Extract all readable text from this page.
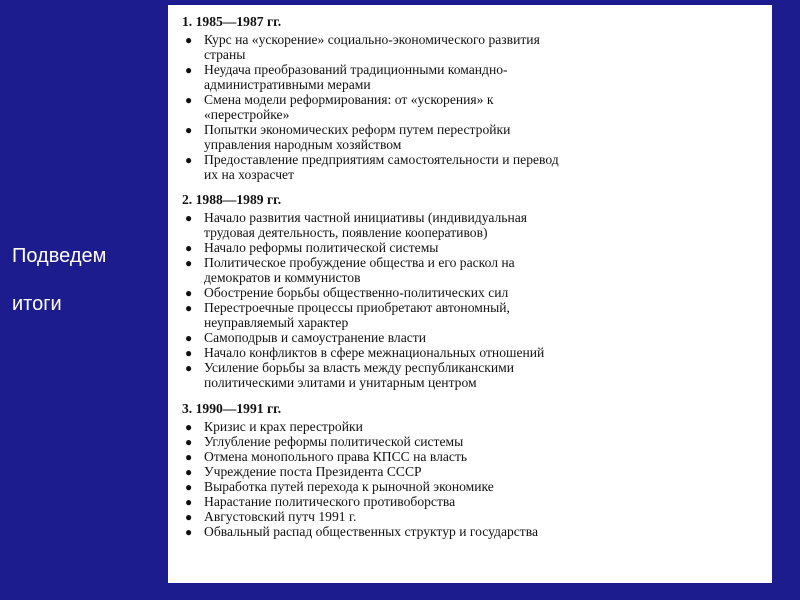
Подведем
итоги
1. 1985—1987 гг.
● Курс на «ускорение» социально-экономического развития
страны
● Неудача преобразований традиционными командно-
административными мерами
● Смена модели реформирования: от «ускорения» к
«перестройке»
● Попытки экономических реформ путем перестройки
управления народным хозяйством
● Предоставление предприятиям самостоятельности и перевод
их на хозрасчет
2. 1988—1989 гг.
● Начало развития частной инициативы (индивидуальная
трудовая деятельность, появление кооперативов)
● Начало реформы политической системы
● Политическое пробуждение общества и его раскол на
демократов и коммунистов
● Обострение борьбы общественно-политических сил
● Перестроечные процессы приобретают автономный,
неуправляемый характер
● Самоподрыв и самоустранение власти
● Начало конфликтов в сфере межнациональных отношений
● Усиление борьбы за власть между республиканскими
политическими элитами и унитарным центром
3. 1990—1991 гг.
● Кризис и крах перестройки
● Углубление реформы политической системы
● Отмена монопольного права КПСС на власть
● Учреждение поста Президента СССР
● Выработка путей перехода к рыночной экономике
● Нарастание политического противоборства
● Августовский путч 1991 г.
● Обвальный распад общественных структур и государства
